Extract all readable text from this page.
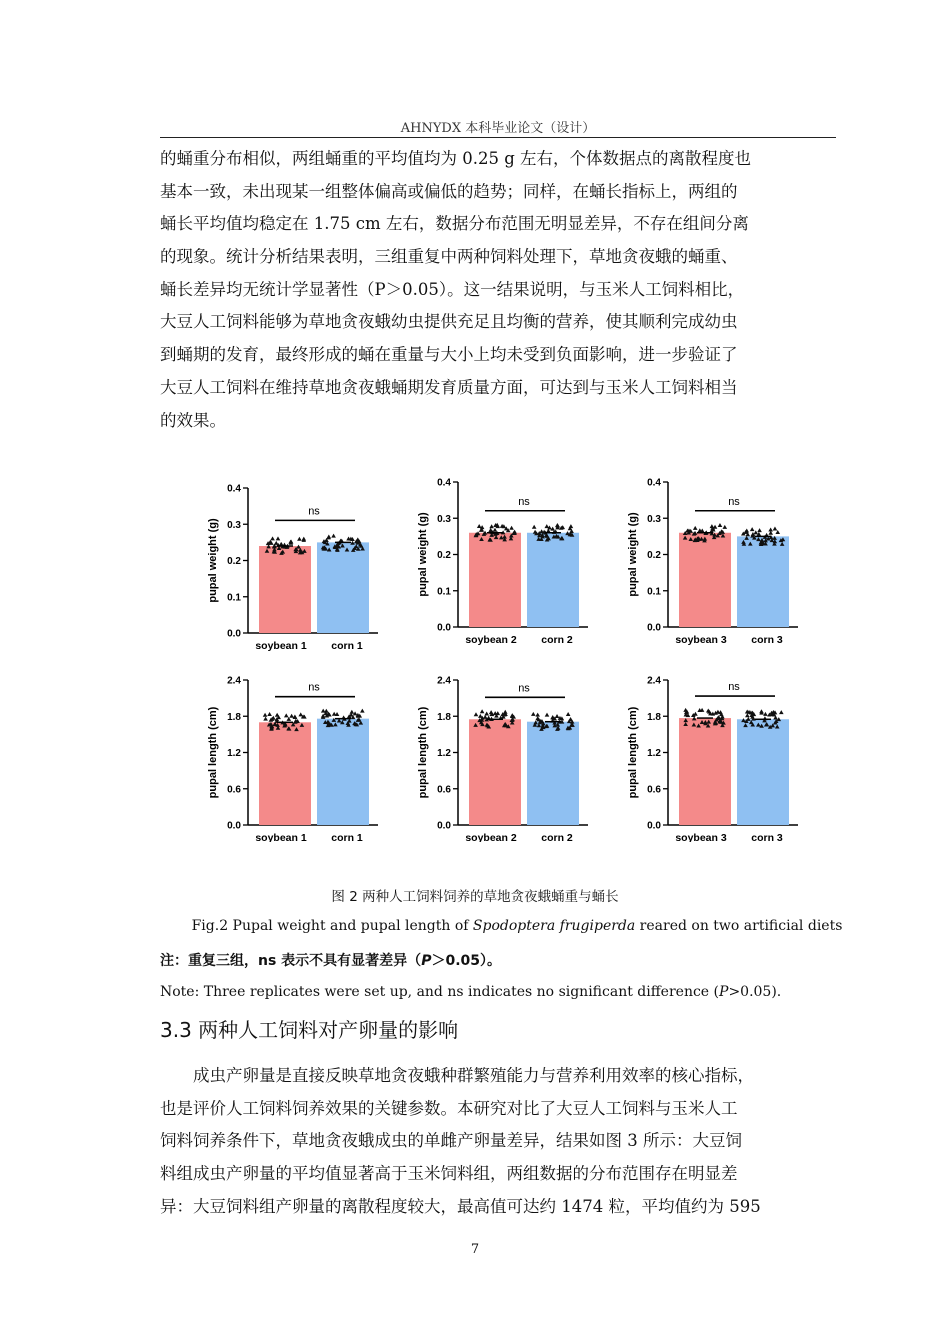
AHNYDX 本科毕业论文（设计）
的蛹重分布相似，两组蛹重的平均值均为 0.25 g 左右，个体数据点的离散程度也
基本一致，未出现某一组整体偏高或偏低的趋势；同样，在蛹长指标上，两组的
蛹长平均值均稳定在 1.75 cm 左右，数据分布范围无明显差异，不存在组间分离
的现象。统计分析结果表明，三组重复中两种饲料处理下，草地贪夜蛾的蛹重、
蛹长差异均无统计学显著性（P＞0.05）。这一结果说明，与玉米人工饲料相比，
大豆人工饲料能够为草地贪夜蛾幼虫提供充足且均衡的营养，使其顺利完成幼虫
到蛹期的发育，最终形成的蛹在重量与大小上均未受到负面影响，进一步验证了
大豆人工饲料在维持草地贪夜蛾蛹期发育质量方面，可达到与玉米人工饲料相当
的效果。
pupal weight (g)
0.0
0.1
0.2
0.3
0.4
soybean 1 corn 1
ns
pupal weight (g)
0.0
0.1
0.2
0.3
0.4
soybean 2 corn 2
ns
pupal weight (g)
0.0
0.1
0.2
0.3
0.4
soybean 3 corn 3
ns
pupal length (cm)
0.0
0.6
1.2
1.8
2.4
soybean 1 corn 1
ns
pupal length (cm)
0.0
0.6
1.2
1.8
2.4
soybean 2 corn 2
ns
pupal length (cm)
0.0
0.6
1.2
1.8
2.4
soybean 3 corn 3
ns
图 2 两种人工饲料饲养的草地贪夜蛾蛹重与蛹长
Fig.2 Pupal weight and pupal length of Spodoptera frugiperda reared on two artificial diets
注：重复三组，ns 表示不具有显著差异（P＞0.05）。
Note: Three replicates were set up, and ns indicates no significant difference (P>0.05).
3.3 两种人工饲料对产卵量的影响
成虫产卵量是直接反映草地贪夜蛾种群繁殖能力与营养利用效率的核心指标，
也是评价人工饲料饲养效果的关键参数。本研究对比了大豆人工饲料与玉米人工
饲料饲养条件下，草地贪夜蛾成虫的单雌产卵量差异，结果如图 3 所示：大豆饲
料组成虫产卵量的平均值显著高于玉米饲料组，两组数据的分布范围存在明显差
异：大豆饲料组产卵量的离散程度较大，最高值可达约 1474 粒，平均值约为 595
7
